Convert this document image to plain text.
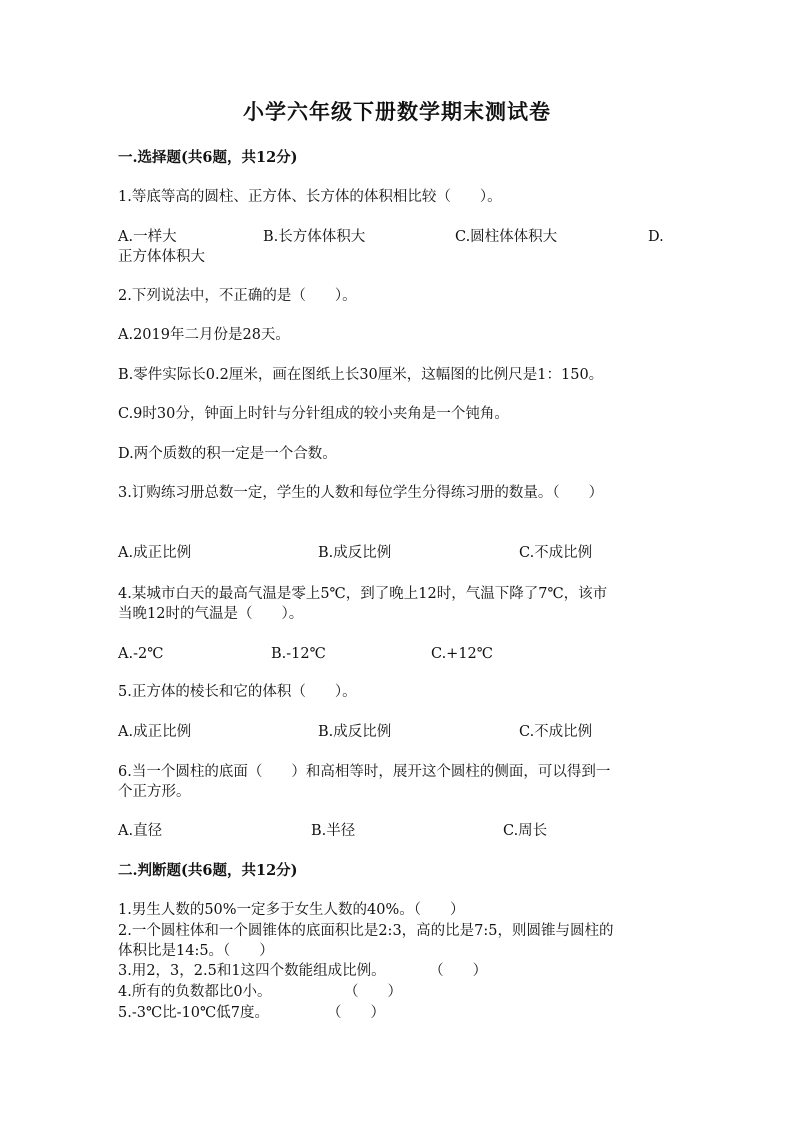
小学六年级下册数学期末测试卷
一.选择题(共6题，共12分)
1.等底等高的圆柱、正方体、长方体的体积相比较（　　）。
A.一样大	B.长方体体积大	C.圆柱体体积大	D.
正方体体积大
2.下列说法中，不正确的是（　　）。
A.2019年二月份是28天。
B.零件实际长0.2厘米，画在图纸上长30厘米，这幅图的比例尺是1：150。
C.9时30分，钟面上时针与分针组成的较小夹角是一个钝角。
D.两个质数的积一定是一个合数。
3.订购练习册总数一定，学生的人数和每位学生分得练习册的数量。（　　）
A.成正比例	B.成反比例	C.不成比例
4.某城市白天的最高气温是零上5℃，到了晚上12时，气温下降了7℃，该市
当晚12时的气温是（　　）。
A.-2℃	B.-12℃	C.+12℃
5.正方体的棱长和它的体积（　　）。
A.成正比例	B.成反比例	C.不成比例
6.当一个圆柱的底面（　　）和高相等时，展开这个圆柱的侧面，可以得到一
个正方形。
A.直径	B.半径	C.周长
二.判断题(共6题，共12分)
1.男生人数的50%一定多于女生人数的40%。（　　）
2.一个圆柱体和一个圆锥体的底面积比是2:3，高的比是7:5，则圆锥与圆柱的
体积比是14:5。（　　）
3.用2，3，2.5和1这四个数能组成比例。　　　　（　　）
4.所有的负数都比0小。　　　　　　（　　）
5.-3℃比-10℃低7度。　　　　　（　　）
